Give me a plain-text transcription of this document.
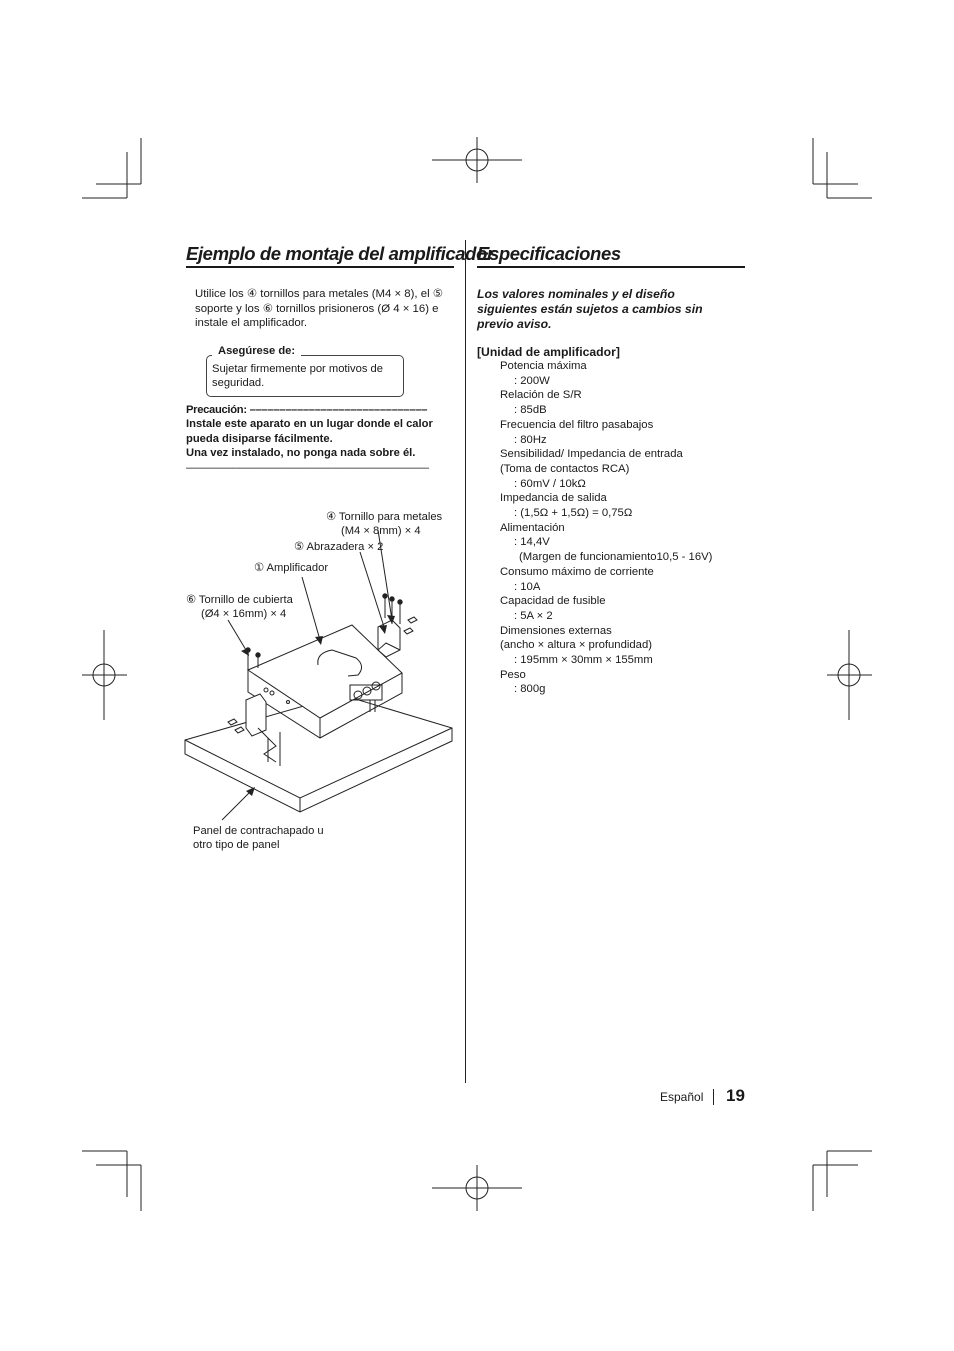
Ejemplo de montaje del amplificador
Utilice los ④ tornillos para metales (M4 × 8), el ⑤
soporte y los ⑥ tornillos prisioneros (Ø 4 × 16) e
instale el amplificador.
Asegúrese de:
Sujetar firmemente por motivos de
seguridad.
Precaución: ––––––––––––––––––––––––––––––
Instale este aparato en un lugar donde el calor
pueda disiparse fácilmente.
Una vez instalado, no ponga nada sobre él.
–––––––––––––––––––––––––––––––––––––––––
④ Tornillo para metales
(M4 × 8mm) × 4
⑤ Abrazadera × 2
① Amplificador
⑥ Tornillo de cubierta
(Ø4 × 16mm) × 4
Panel de contrachapado u
otro tipo de panel
Especificaciones
Los valores nominales y el diseño
siguientes están sujetos a cambios sin
previo aviso.
[Unidad de amplificador]
Potencia máxima
: 200W
Relación de S/R
: 85dB
Frecuencia del filtro pasabajos
: 80Hz
Sensibilidad/ Impedancia de entrada
(Toma de contactos RCA)
: 60mV / 10kΩ
Impedancia de salida
: (1,5Ω + 1,5Ω) = 0,75Ω
Alimentación
: 14,4V
(Margen de funcionamiento10,5 - 16V)
Consumo máximo de corriente
: 10A
Capacidad de fusible
: 5A × 2
Dimensiones externas
(ancho × altura × profundidad)
: 195mm × 30mm × 155mm
Peso
: 800g
Español 19
